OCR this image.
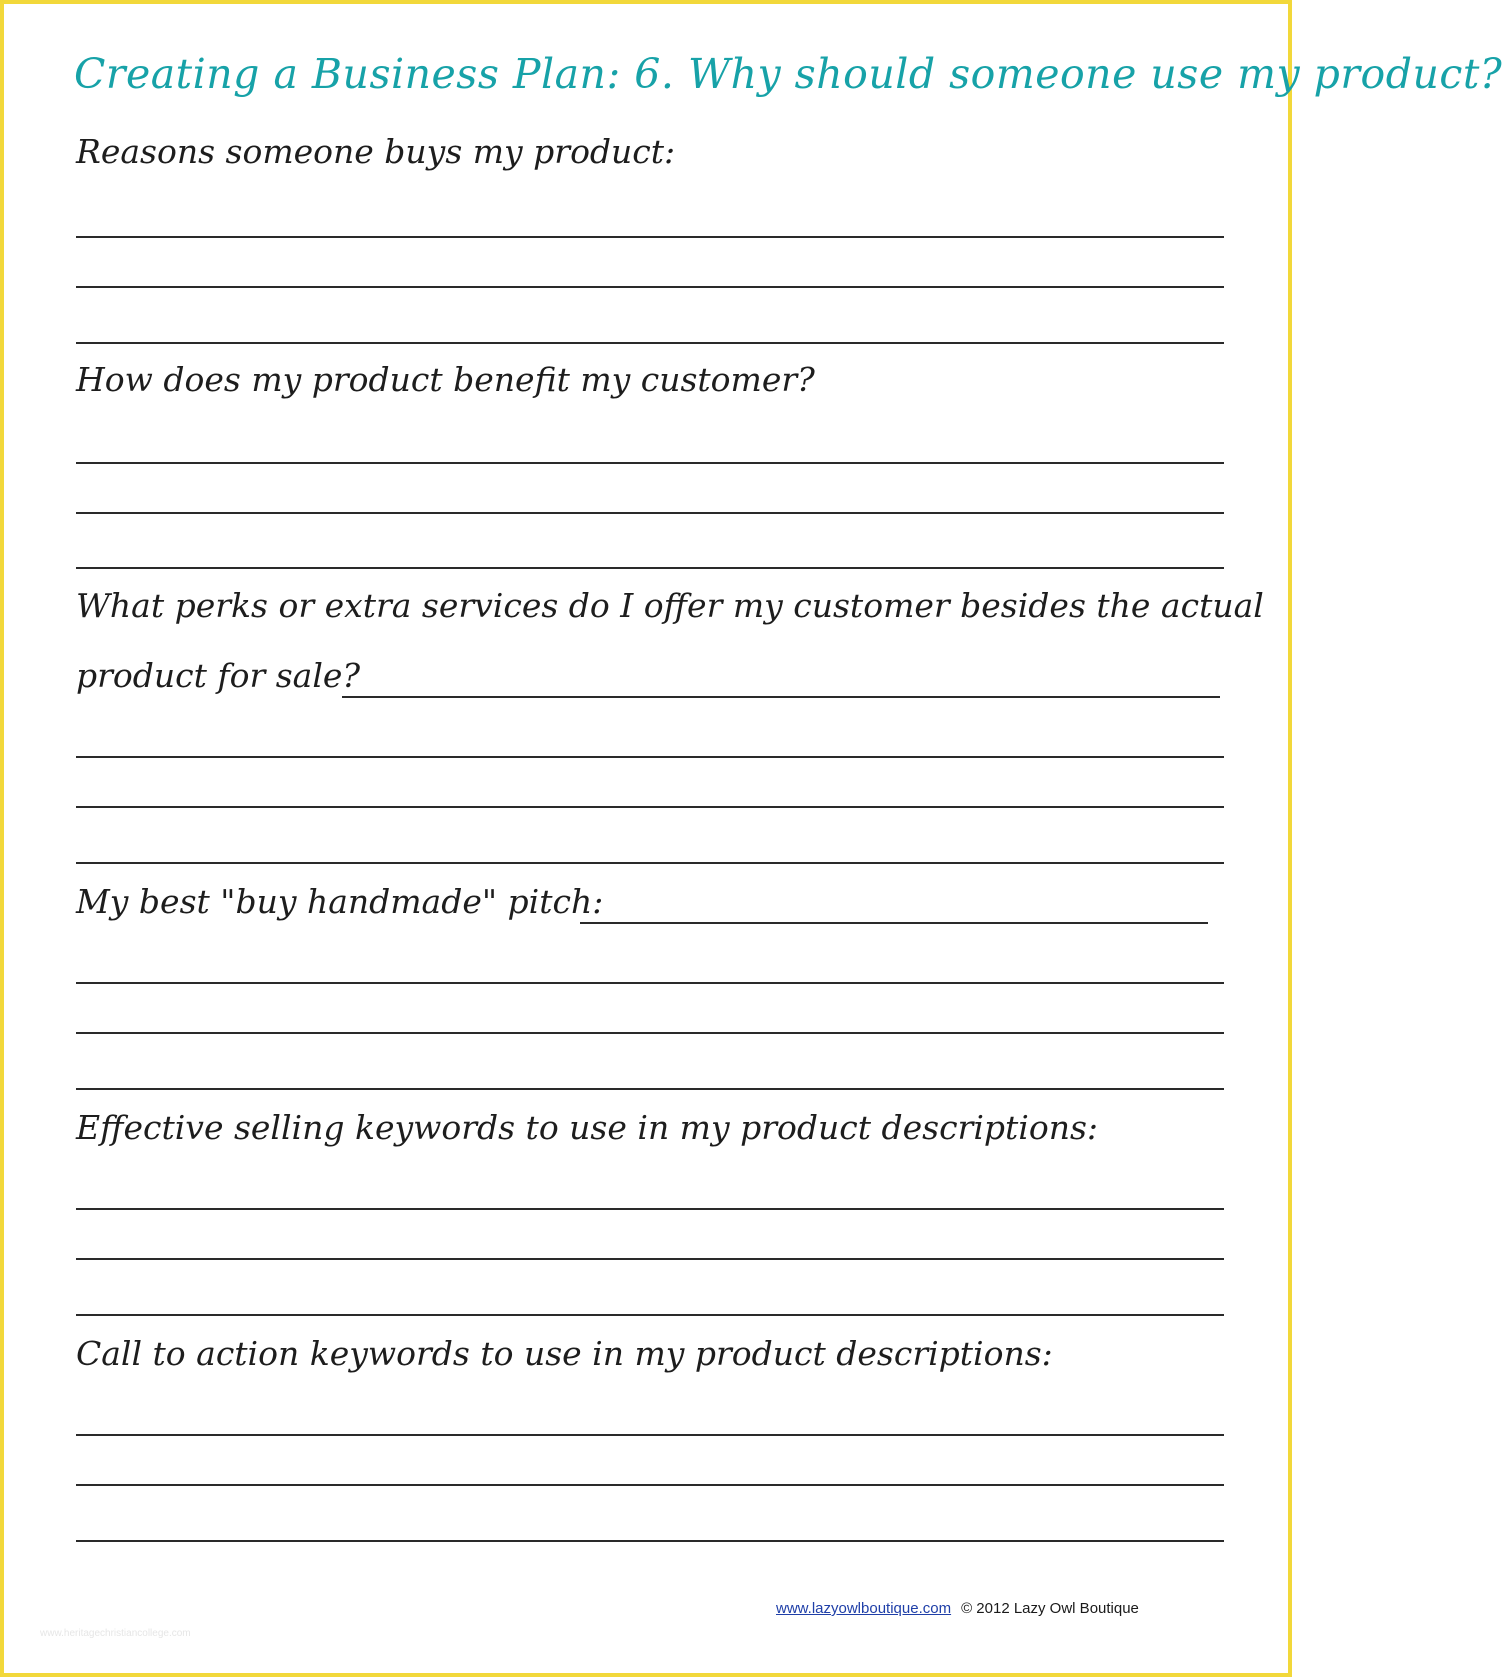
Creating a Business Plan: 6. Why should someone use my product?
Reasons someone buys my product:
How does my product benefit my customer?
What perks or extra services do I offer my customer besides the actual
product for sale?
My best "buy handmade" pitch:
Effective selling keywords to use in my product descriptions:
Call to action keywords to use in my product descriptions:
www.lazyowlboutique.com © 2012 Lazy Owl Boutique
www.heritagechristiancollege.com
